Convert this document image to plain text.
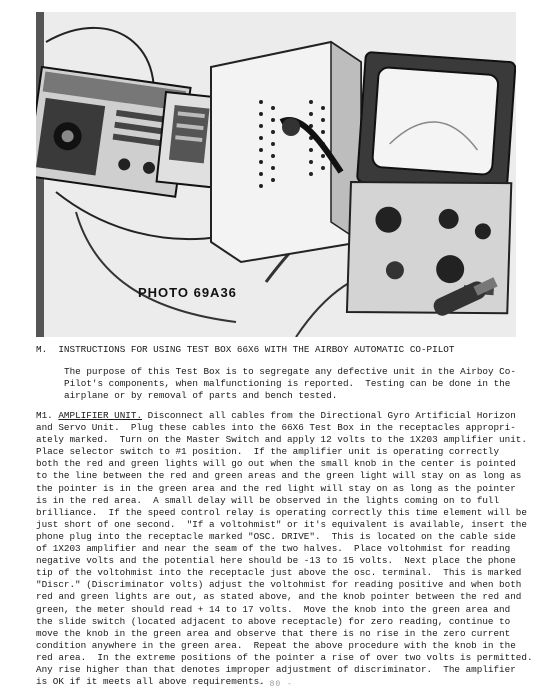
PHOTO 69A36
M. INSTRUCTIONS FOR USING TEST BOX 66X6 WITH THE AIRBOY AUTOMATIC CO-PILOT
The purpose of this Test Box is to segregate any defective unit in the Airboy Co-
Pilot's components, when malfunctioning is reported.  Testing can be done in the
airplane or by removal of parts and bench tested.
M1. AMPLIFIER UNIT. Disconnect all cables from the Directional Gyro Artificial Horizon
and Servo Unit.  Plug these cables into the 66X6 Test Box in the receptacles appropri-
ately marked.  Turn on the Master Switch and apply 12 volts to the 1X203 amplifier unit.
Place selector switch to #1 position.  If the amplifier unit is operating correctly
both the red and green lights will go out when the small knob in the center is pointed
to the line between the red and green areas and the green light will stay on as long as
the pointer is in the green area and the red light will stay on as long as the pointer
is in the red area.  A small delay will be observed in the lights coming on to full
brilliance.  If the speed control relay is operating correctly this time element will be
just short of one second.  "If a voltohmist" or it's equivalent is available, insert the
phone plug into the receptacle marked "OSC. DRIVE".  This is located on the cable side
of 1X203 amplifier and near the seam of the two halves.  Place voltohmist for reading
negative volts and the potential here should be -13 to 15 volts.  Next place the phone
tip of the voltohmist into the receptacle just above the osc. terminal.  This is marked
"Discr." (Discriminator volts) adjust the voltohmist for reading positive and when both
red and green lights are out, as stated above, and the knob pointer between the red and
green, the meter should read + 14 to 17 volts.  Move the knob into the green area and
the slide switch (located adjacent to above receptacle) for zero reading, continue to
move the knob in the green area and observe that there is no rise in the zero current
condition anywhere in the green area.  Repeat the above procedure with the knob in the
red area.  In the extreme positions of the pointer a rise of over two volts is permitted.
Any rise higher than that denotes improper adjustment of discriminator.  The amplifier
is OK if it meets all above requirements.
- 80 -
